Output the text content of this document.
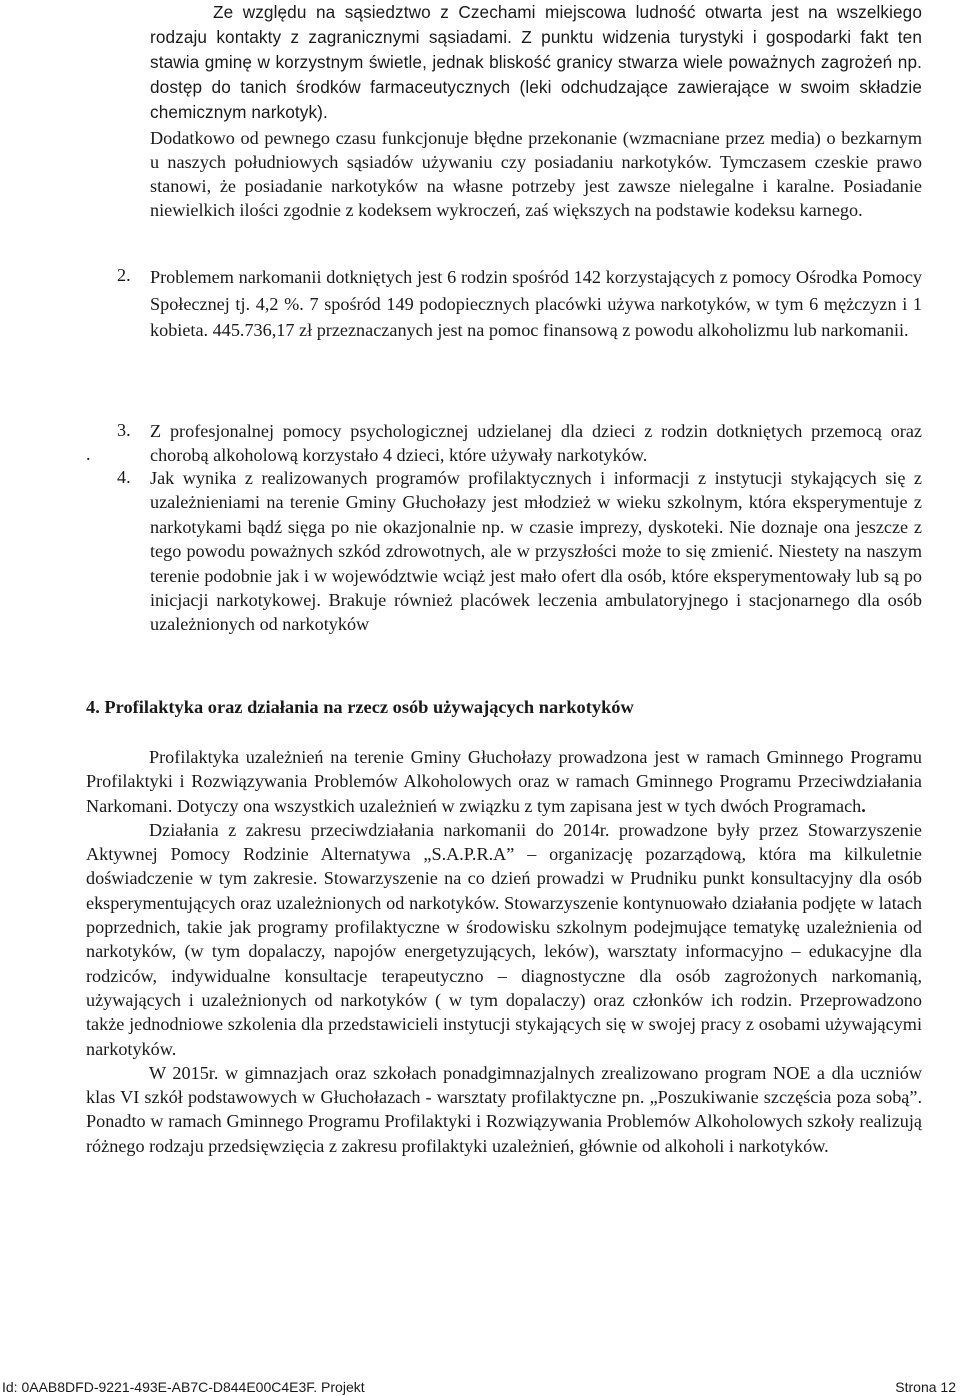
Ze względu na sąsiedztwo z Czechami miejscowa ludność otwarta jest na wszelkiego rodzaju kontakty z zagranicznymi sąsiadami. Z punktu widzenia turystyki i gospodarki fakt ten stawia gminę w korzystnym świetle, jednak bliskość granicy stwarza wiele poważnych zagrożeń np. dostęp do tanich środków farmaceutycznych (leki odchudzające zawierające w swoim składzie chemicznym narkotyk).

Dodatkowo od pewnego czasu funkcjonuje błędne przekonanie (wzmacniane przez media) o bezkarnym u naszych południowych sąsiadów używaniu czy posiadaniu narkotyków. Tymczasem czeskie prawo stanowi, że posiadanie narkotyków na własne potrzeby jest zawsze nielegalne i karalne. Posiadanie niewielkich ilości zgodnie z kodeksem wykroczeń, zaś większych na podstawie kodeksu karnego.

2.	Problemem narkomanii dotkniętych jest 6 rodzin spośród 142 korzystających z pomocy Ośrodka Pomocy Społecznej tj. 4,2 %. 7 spośród 149 podopiecznych placówki używa narkotyków, w tym 6 mężczyzn i 1 kobieta. 445.736,17 zł przeznaczanych jest na pomoc finansową z powodu alkoholizmu lub narkomanii.

3.	Z profesjonalnej pomocy psychologicznej udzielanej dla dzieci z rodzin dotkniętych przemocą oraz chorobą alkoholową korzystało 4 dzieci, które używały narkotyków.

.
4.	Jak wynika z realizowanych programów profilaktycznych i informacji z instytucji stykających się z uzależnieniami na terenie Gminy Głuchołazy jest młodzież w wieku szkolnym, która eksperymentuje z narkotykami bądź sięga po nie okazjonalnie np. w czasie imprezy, dyskoteki. Nie doznaje ona jeszcze z tego powodu poważnych szkód zdrowotnych, ale w przyszłości może to się zmienić. Niestety na naszym terenie podobnie jak i w województwie wciąż jest mało ofert dla osób, które eksperymentowały lub są po inicjacji narkotykowej. Brakuje również placówek leczenia ambulatoryjnego i stacjonarnego dla osób uzależnionych od narkotyków

4. Profilaktyka oraz działania na rzecz osób używających narkotyków

Profilaktyka uzależnień na terenie Gminy Głuchołazy prowadzona jest w ramach Gminnego Programu Profilaktyki i Rozwiązywania Problemów Alkoholowych oraz w ramach Gminnego Programu Przeciwdziałania Narkomani. Dotyczy ona wszystkich uzależnień w związku z tym zapisana jest w tych dwóch Programach.

Działania z zakresu przeciwdziałania narkomanii do 2014r. prowadzone były przez Stowarzyszenie Aktywnej Pomocy Rodzinie Alternatywa „S.A.P.R.A” – organizację pozarządową, która ma kilkuletnie doświadczenie w tym zakresie. Stowarzyszenie na co dzień prowadzi w Prudniku punkt konsultacyjny dla osób eksperymentujących oraz uzależnionych od narkotyków. Stowarzyszenie kontynuowało działania podjęte w latach poprzednich, takie jak programy profilaktyczne w środowisku szkolnym podejmujące tematykę uzależnienia od narkotyków, (w tym dopalaczy, napojów energetyzujących, leków), warsztaty informacyjno – edukacyjne dla rodziców, indywidualne konsultacje terapeutyczno – diagnostyczne dla osób zagrożonych narkomanią, używających i uzależnionych od narkotyków ( w tym dopalaczy) oraz członków ich rodzin. Przeprowadzono także jednodniowe szkolenia dla przedstawicieli instytucji stykających się w swojej pracy z osobami używającymi narkotyków.

W 2015r. w gimnazjach oraz szkołach ponadgimnazjalnych zrealizowano program NOE a dla uczniów klas VI szkół podstawowych w Głuchołazach - warsztaty profilaktyczne pn. „Poszukiwanie szczęścia poza sobą”. Ponadto w ramach Gminnego Programu Profilaktyki i Rozwiązywania Problemów Alkoholowych szkoły realizują różnego rodzaju przedsięwzięcia z zakresu profilaktyki uzależnień, głównie od alkoholi i narkotyków.

Id: 0AAB8DFD-9221-493E-AB7C-D844E00C4E3F. Projekt	Strona 12
